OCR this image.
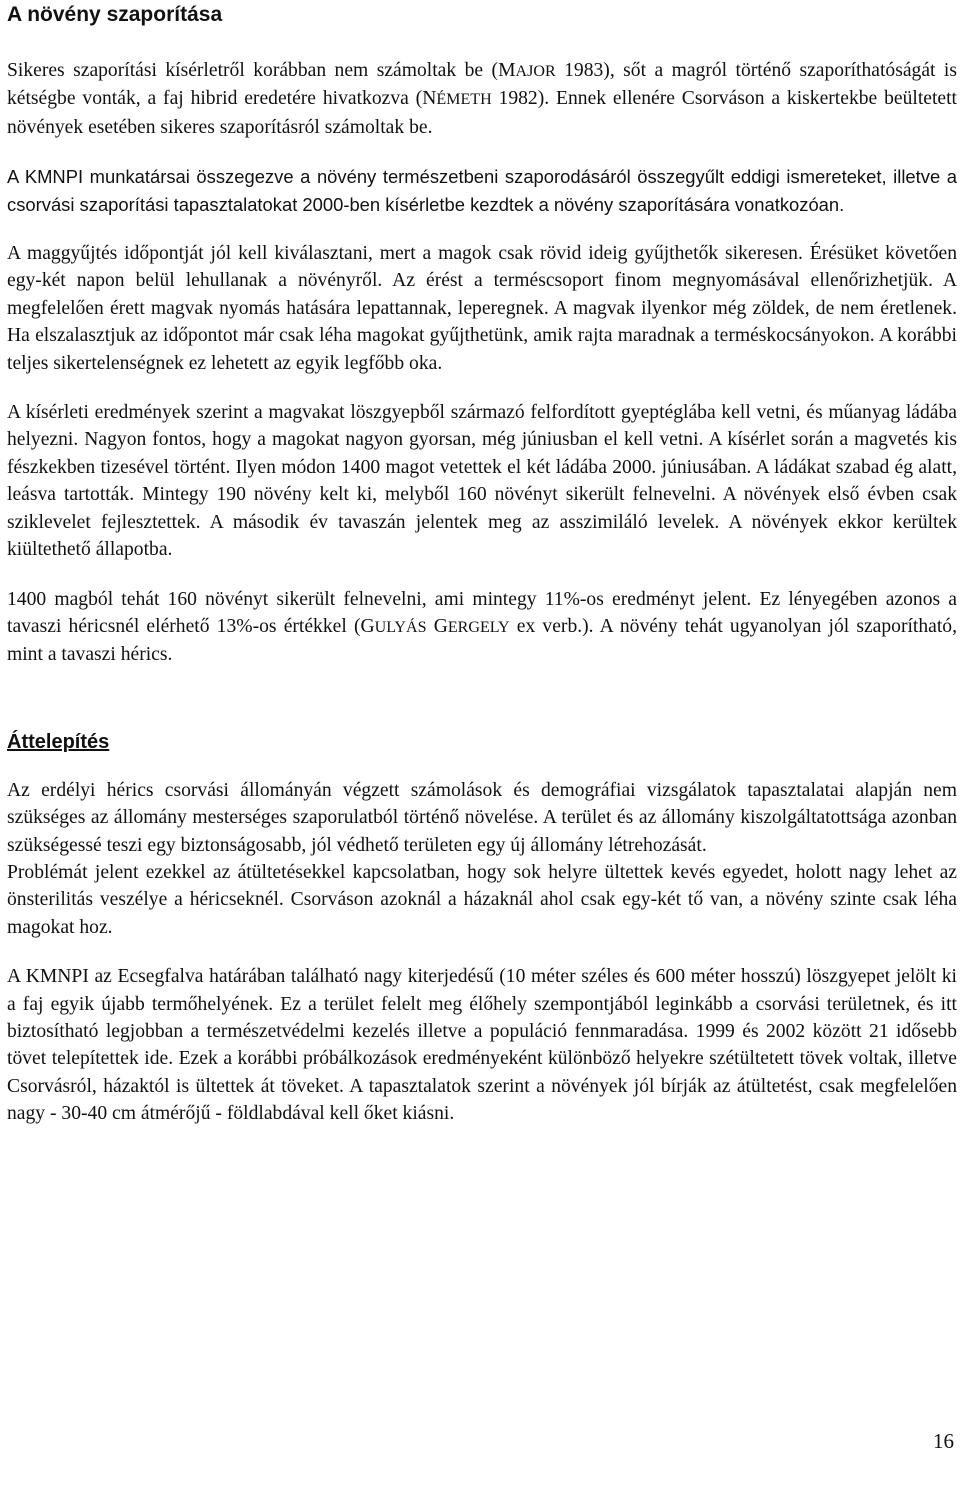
A növény szaporítása

Sikeres szaporítási kísérletről korábban nem számoltak be (MAJOR 1983), sőt a magról történő szaporíthatóságát is kétségbe vonták, a faj hibrid eredetére hivatkozva (NÉMETH 1982). Ennek ellenére Csorváson a kiskertekbe beültetett növények esetében sikeres szaporításról számoltak be.

A KMNPI munkatársai összegezve a növény természetbeni szaporodásáról összegyűlt eddigi ismereteket, illetve a csorvási szaporítási tapasztalatokat 2000-ben kísérletbe kezdtek a növény szaporítására vonatkozóan.

A maggyűjtés időpontját jól kell kiválasztani, mert a magok csak rövid ideig gyűjthetők sikeresen. Érésüket követően egy-két napon belül lehullanak a növényről. Az érést a terméscsoport finom megnyomásával ellenőrizhetjük. A megfelelően érett magvak nyomás hatására lepattannak, leperegnek. A magvak ilyenkor még zöldek, de nem éretlenek. Ha elszalasztjuk az időpontot már csak léha magokat gyűjthetünk, amik rajta maradnak a terméskocsányokon. A korábbi teljes sikertelenségnek ez lehetett az egyik legfőbb oka.

A kísérleti eredmények szerint a magvakat löszgyepből származó felfordított gyeptéglába kell vetni, és műanyag ládába helyezni. Nagyon fontos, hogy a magokat nagyon gyorsan, még júniusban el kell vetni. A kísérlet során a magvetés kis fészkekben tizesével történt. Ilyen módon 1400 magot vetettek el két ládába 2000. júniusában. A ládákat szabad ég alatt, leásva tartották. Mintegy 190 növény kelt ki, melyből 160 növényt sikerült felnevelni. A növények első évben csak sziklevelet fejlesztettek. A második év tavaszán jelentek meg az asszimiláló levelek. A növények ekkor kerültek kiültethető állapotba.

1400 magból tehát 160 növényt sikerült felnevelni, ami mintegy 11%-os eredményt jelent. Ez lényegében azonos a tavaszi héricsnél elérhető 13%-os értékkel (GULYÁS GERGELY ex verb.). A növény tehát ugyanolyan jól szaporítható, mint a tavaszi hérics.

Áttelepítés

Az erdélyi hérics csorvási állományán végzett számolások és demográfiai vizsgálatok tapasztalatai alapján nem szükséges az állomány mesterséges szaporulatból történő növelése. A terület és az állomány kiszolgáltatottsága azonban szükségessé teszi egy biztonságosabb, jól védhető területen egy új állomány létrehozását.

Problémát jelent ezekkel az átültetésekkel kapcsolatban, hogy sok helyre ültettek kevés egyedet, holott nagy lehet az önsterilitás veszélye a héricseknél. Csorváson azoknál a házaknál ahol csak egy-két tő van, a növény szinte csak léha magokat hoz.

A KMNPI az Ecsegfalva határában található nagy kiterjedésű (10 méter széles és 600 méter hosszú) löszgyepet jelölt ki a faj egyik újabb termőhelyének. Ez a terület felelt meg élőhely szempontjából leginkább a csorvási területnek, és itt biztosítható legjobban a természetvédelmi kezelés illetve a populáció fennmaradása. 1999 és 2002 között 21 idősebb tövet telepítettek ide. Ezek a korábbi próbálkozások eredményeként különböző helyekre szétültetett tövek voltak, illetve Csorvásról, házaktól is ültettek át töveket. A tapasztalatok szerint a növények jól bírják az átültetést, csak megfelelően nagy - 30-40 cm átmérőjű - földlabdával kell őket kiásni.

16
